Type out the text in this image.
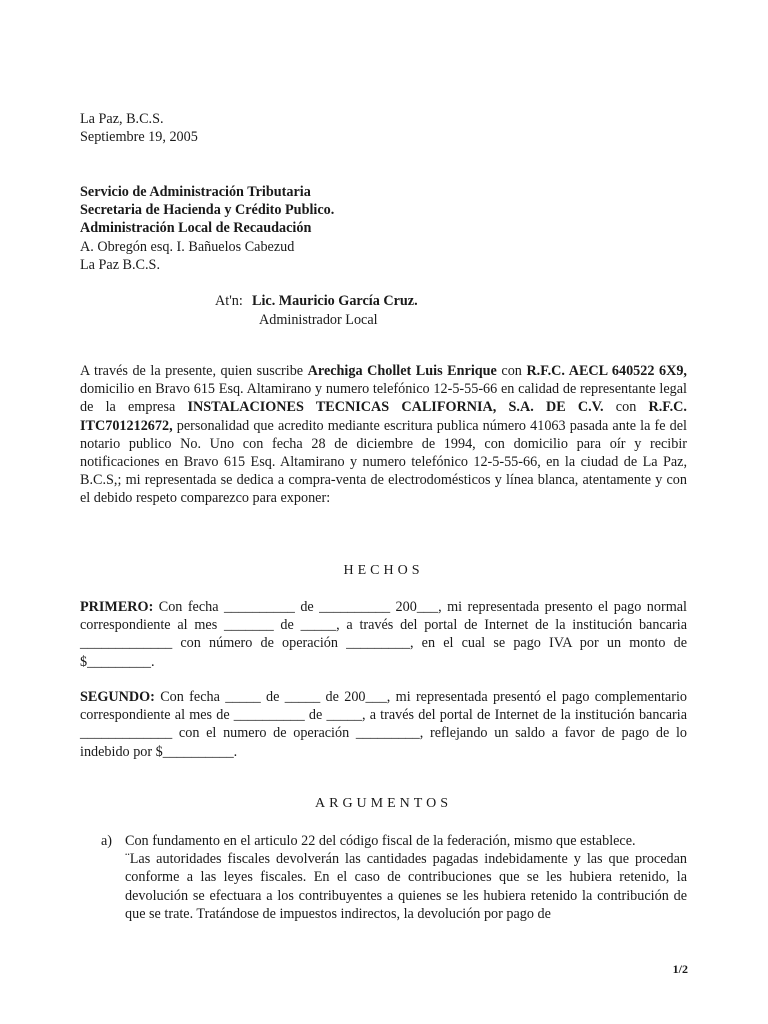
La Paz, B.C.S.
Septiembre 19, 2005
Servicio de Administración Tributaria
Secretaria de Hacienda y Crédito Publico.
Administración Local de Recaudación
A. Obregón esq. I. Bañuelos Cabezud
La Paz B.C.S.
At'n: Lic. Mauricio García Cruz.
Administrador Local
A través de la presente, quien suscribe Arechiga Chollet Luis Enrique con R.F.C. AECL 640522 6X9, domicilio en Bravo 615 Esq. Altamirano y numero telefónico 12-5-55-66 en calidad de representante legal de la empresa INSTALACIONES TECNICAS CALIFORNIA, S.A. DE C.V. con R.F.C. ITC701212672, personalidad que acredito mediante escritura publica número 41063 pasada ante la fe del notario publico No. Uno con fecha 28 de diciembre de 1994, con domicilio para oír y recibir notificaciones en Bravo 615 Esq. Altamirano y numero telefónico 12-5-55-66, en la ciudad de La Paz, B.C.S,; mi representada se dedica a compra-venta de electrodomésticos y línea blanca, atentamente y con el debido respeto comparezco para exponer:
HECHOS
PRIMERO: Con fecha __________ de __________ 200___, mi representada presento el pago normal correspondiente al mes _______ de _____, a través del portal de Internet de la institución bancaria _____________ con número de operación _________, en el cual se pago IVA por un monto de $_________.
SEGUNDO: Con fecha _____ de _____ de 200___, mi representada presentó el pago complementario correspondiente al mes de __________ de _____, a través del portal de Internet de la institución bancaria _____________ con el numero de operación _________, reflejando un saldo a favor de pago de lo indebido por $__________.
ARGUMENTOS
a) Con fundamento en el articulo 22 del código fiscal de la federación, mismo que establece.
¨Las autoridades fiscales devolverán las cantidades pagadas indebidamente y las que procedan conforme a las leyes fiscales. En el caso de contribuciones que se les hubiera retenido, la devolución se efectuara a los contribuyentes a quienes se les hubiera retenido la contribución de que se trate. Tratándose de impuestos indirectos, la devolución por pago de
1/2
